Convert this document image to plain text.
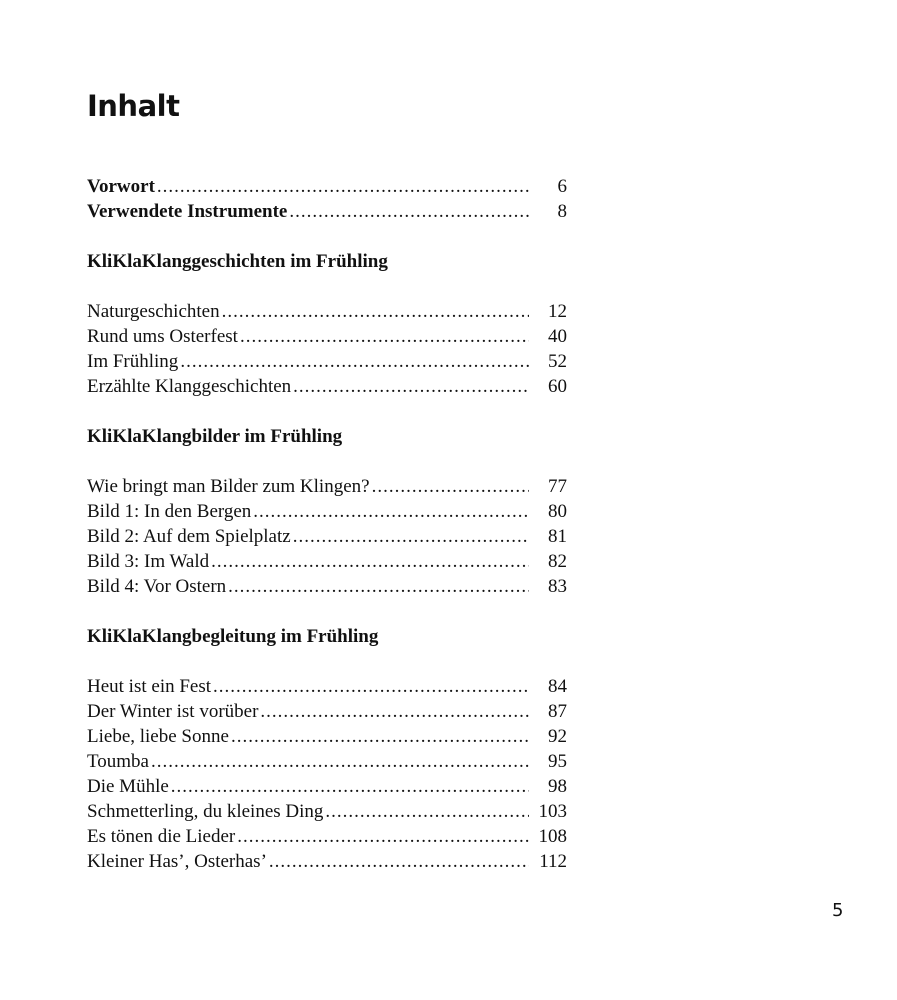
Inhalt
Vorwort .....	6
Verwendete Instrumente .....	8
KliKlaKlanggeschichten im Frühling
Naturgeschichten .....	12
Rund ums Osterfest .....	40
Im Frühling .....	52
Erzählte Klanggeschichten .....	60
KliKlaKlangbilder im Frühling
Wie bringt man Bilder zum Klingen? .....	77
Bild 1: In den Bergen .....	80
Bild 2: Auf dem Spielplatz .....	81
Bild 3: Im Wald .....	82
Bild 4: Vor Ostern .....	83
KliKlaKlangbegleitung im Frühling
Heut ist ein Fest .....	84
Der Winter ist vorüber .....	87
Liebe, liebe Sonne .....	92
Toumba .....	95
Die Mühle .....	98
Schmetterling, du kleines Ding .....	103
Es tönen die Lieder .....	108
Kleiner Has’, Osterhas’ .....	112
5
